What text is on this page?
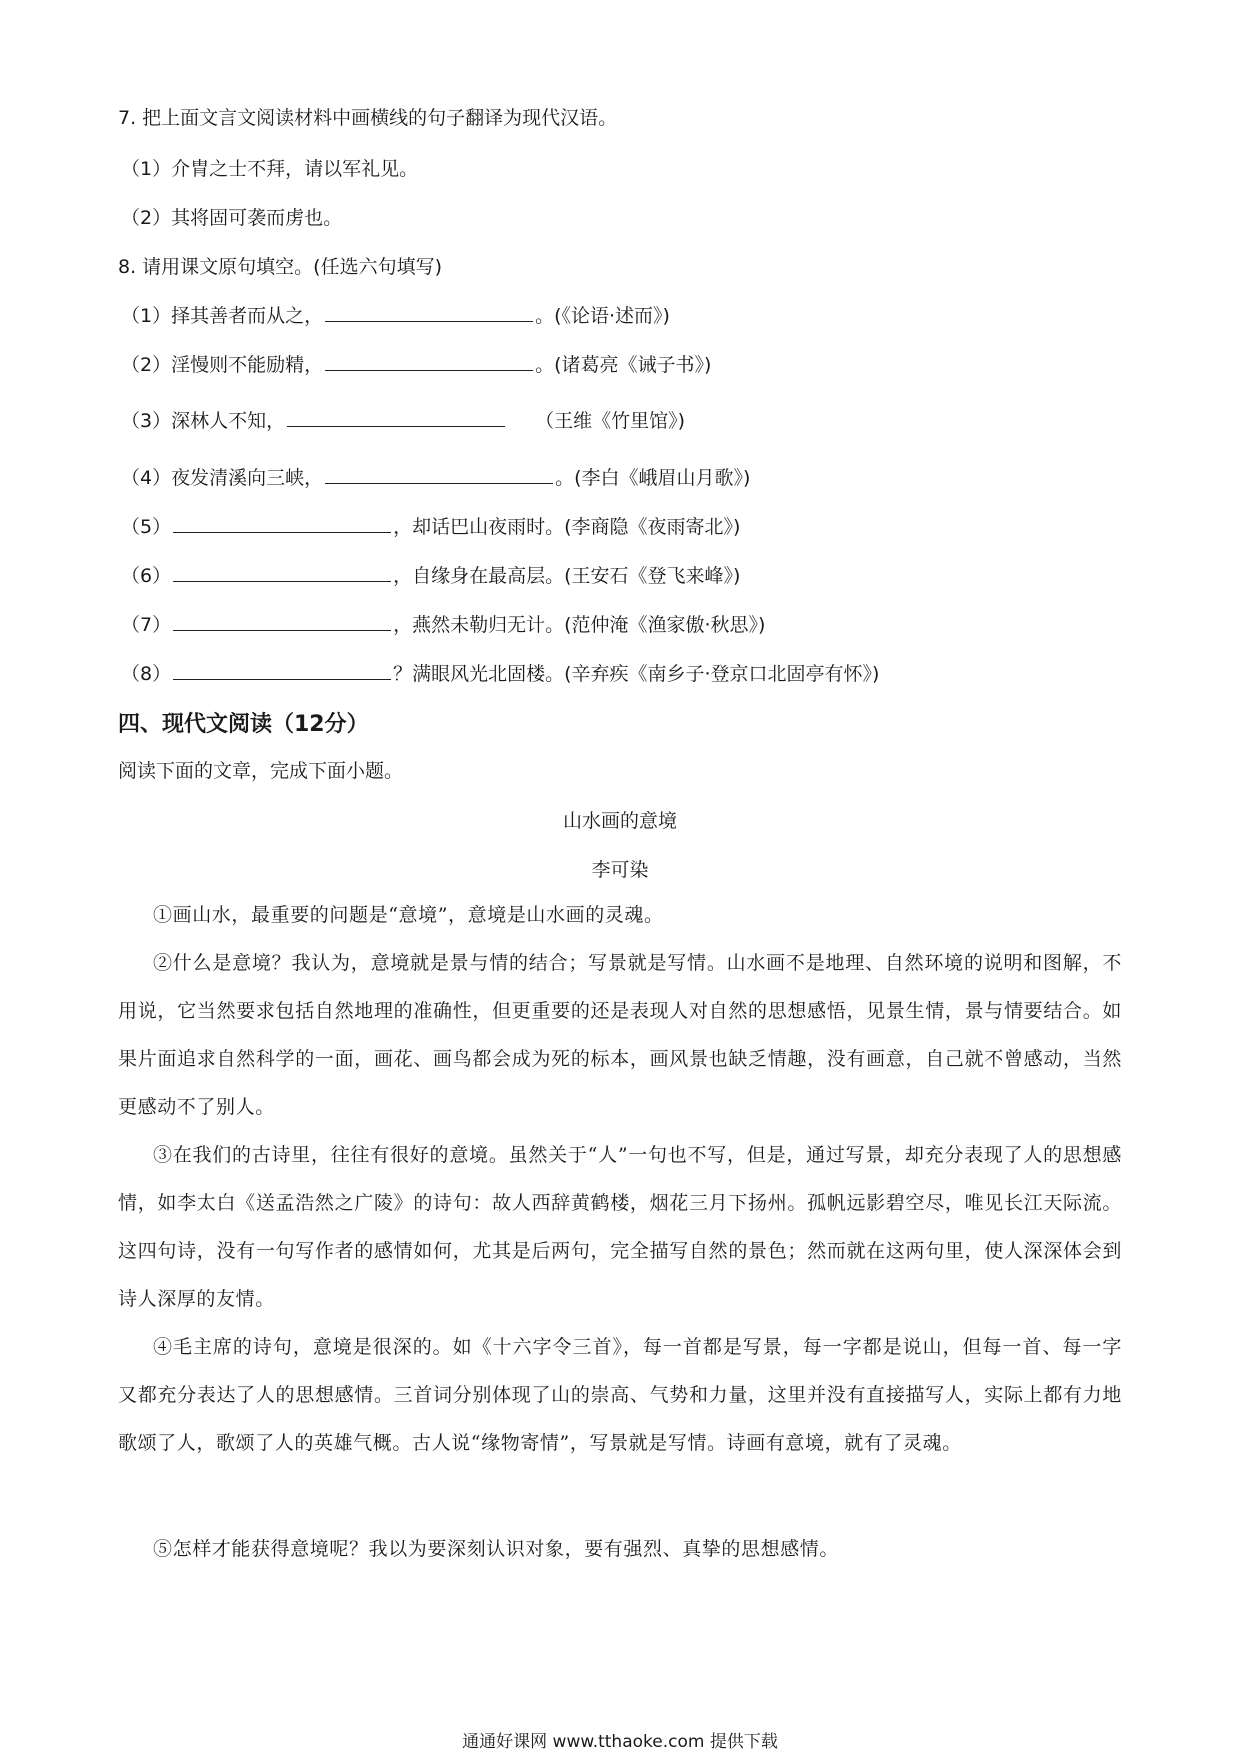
7. 把上面文言文阅读材料中画横线的句子翻译为现代汉语。
（1）介胄之士不拜，请以军礼见。
（2）其将固可袭而虏也。
8. 请用课文原句填空。(任选六句填写)
（1）择其善者而从之，	。(《论语·述而》)
（2）淫慢则不能励精，	。(诸葛亮《诫子书》)
（3）深林人不知，	（王维《竹里馆》)
（4）夜发清溪向三峡，	。(李白《峨眉山月歌》)
（5）	，却话巴山夜雨时。(李商隐《夜雨寄北》)
（6）	，自缘身在最高层。(王安石《登飞来峰》)
（7）	，燕然未勒归无计。(范仲淹《渔家傲·秋思》)
（8）	？满眼风光北固楼。(辛弃疾《南乡子·登京口北固亭有怀》)
四、现代文阅读（12分）
阅读下面的文章，完成下面小题。
山水画的意境
李可染
①画山水，最重要的问题是“意境”，意境是山水画的灵魂。
②什么是意境？我认为，意境就是景与情的结合；写景就是写情。山水画不是地理、自然环境的说明和图解，不用说，它当然要求包括自然地理的准确性，但更重要的还是表现人对自然的思想感悟，见景生情，景与情要结合。如果片面追求自然科学的一面，画花、画鸟都会成为死的标本，画风景也缺乏情趣，没有画意，自己就不曾感动，当然更感动不了别人。
③在我们的古诗里，往往有很好的意境。虽然关于“人”一句也不写，但是，通过写景，却充分表现了人的思想感情，如李太白《送孟浩然之广陵》的诗句：故人西辞黄鹤楼，烟花三月下扬州。孤帆远影碧空尽，唯见长江天际流。这四句诗，没有一句写作者的感情如何，尤其是后两句，完全描写自然的景色；然而就在这两句里，使人深深体会到诗人深厚的友情。
④毛主席的诗句，意境是很深的。如《十六字令三首》，每一首都是写景，每一字都是说山，但每一首、每一字又都充分表达了人的思想感情。三首词分别体现了山的崇高、气势和力量，这里并没有直接描写人，实际上都有力地歌颂了人，歌颂了人的英雄气概。古人说“缘物寄情”，写景就是写情。诗画有意境，就有了灵魂。
⑤怎样才能获得意境呢？我以为要深刻认识对象，要有强烈、真挚的思想感情。
通通好课网 www.tthaoke.com 提供下载
